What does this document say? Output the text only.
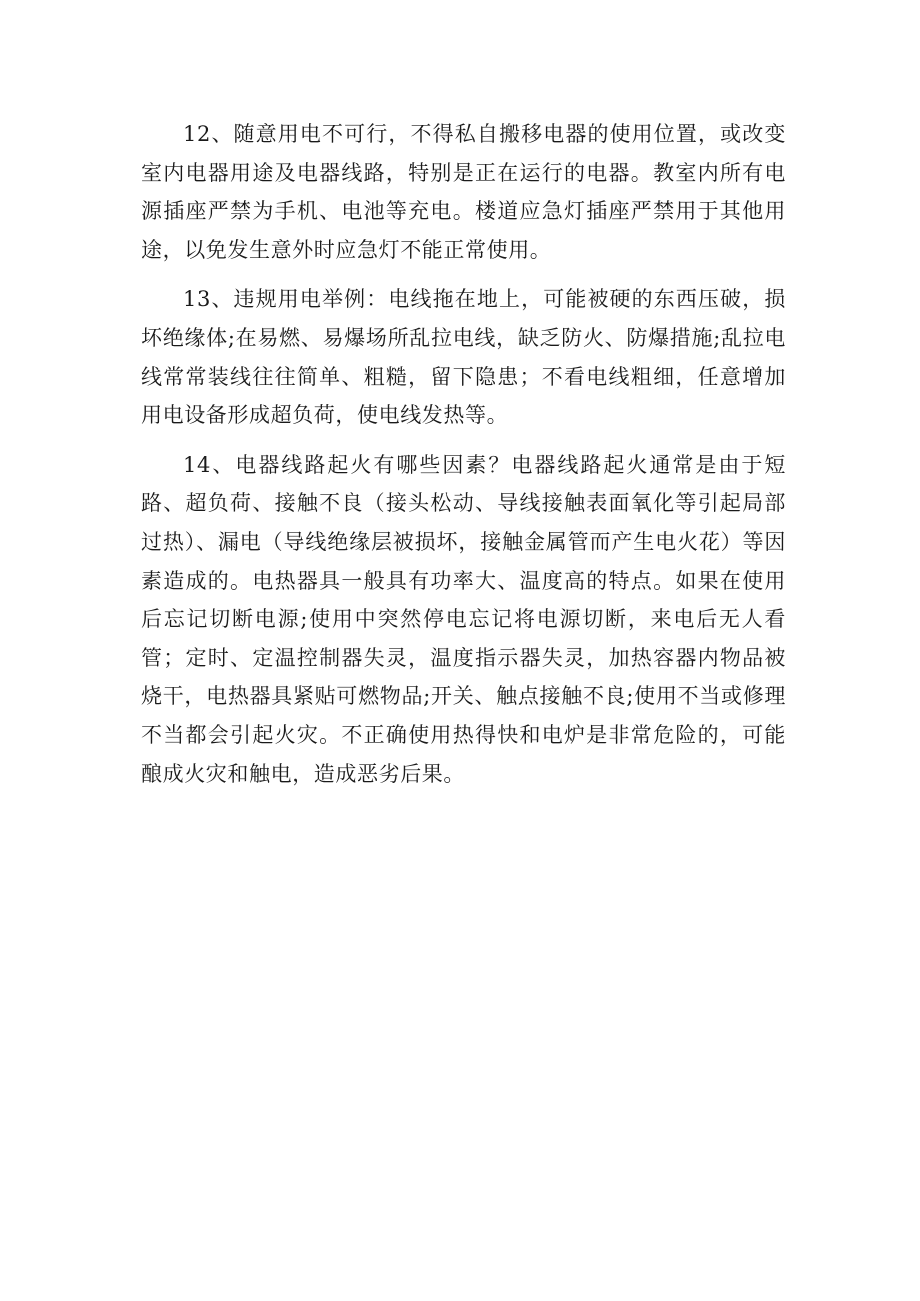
12、随意用电不可行，不得私自搬移电器的使用位置，或改变室内电器用途及电器线路，特别是正在运行的电器。教室内所有电源插座严禁为手机、电池等充电。楼道应急灯插座严禁用于其他用途，以免发生意外时应急灯不能正常使用。

13、违规用电举例：电线拖在地上，可能被硬的东西压破，损坏绝缘体;在易燃、易爆场所乱拉电线，缺乏防火、防爆措施;乱拉电线常常装线往往简单、粗糙，留下隐患；不看电线粗细，任意增加用电设备形成超负荷，使电线发热等。

14、电器线路起火有哪些因素？电器线路起火通常是由于短路、超负荷、接触不良（接头松动、导线接触表面氧化等引起局部过热）、漏电（导线绝缘层被损坏，接触金属管而产生电火花）等因素造成的。电热器具一般具有功率大、温度高的特点。如果在使用后忘记切断电源;使用中突然停电忘记将电源切断，来电后无人看管；定时、定温控制器失灵，温度指示器失灵，加热容器内物品被烧干，电热器具紧贴可燃物品;开关、触点接触不良;使用不当或修理不当都会引起火灾。不正确使用热得快和电炉是非常危险的，可能酿成火灾和触电，造成恶劣后果。
